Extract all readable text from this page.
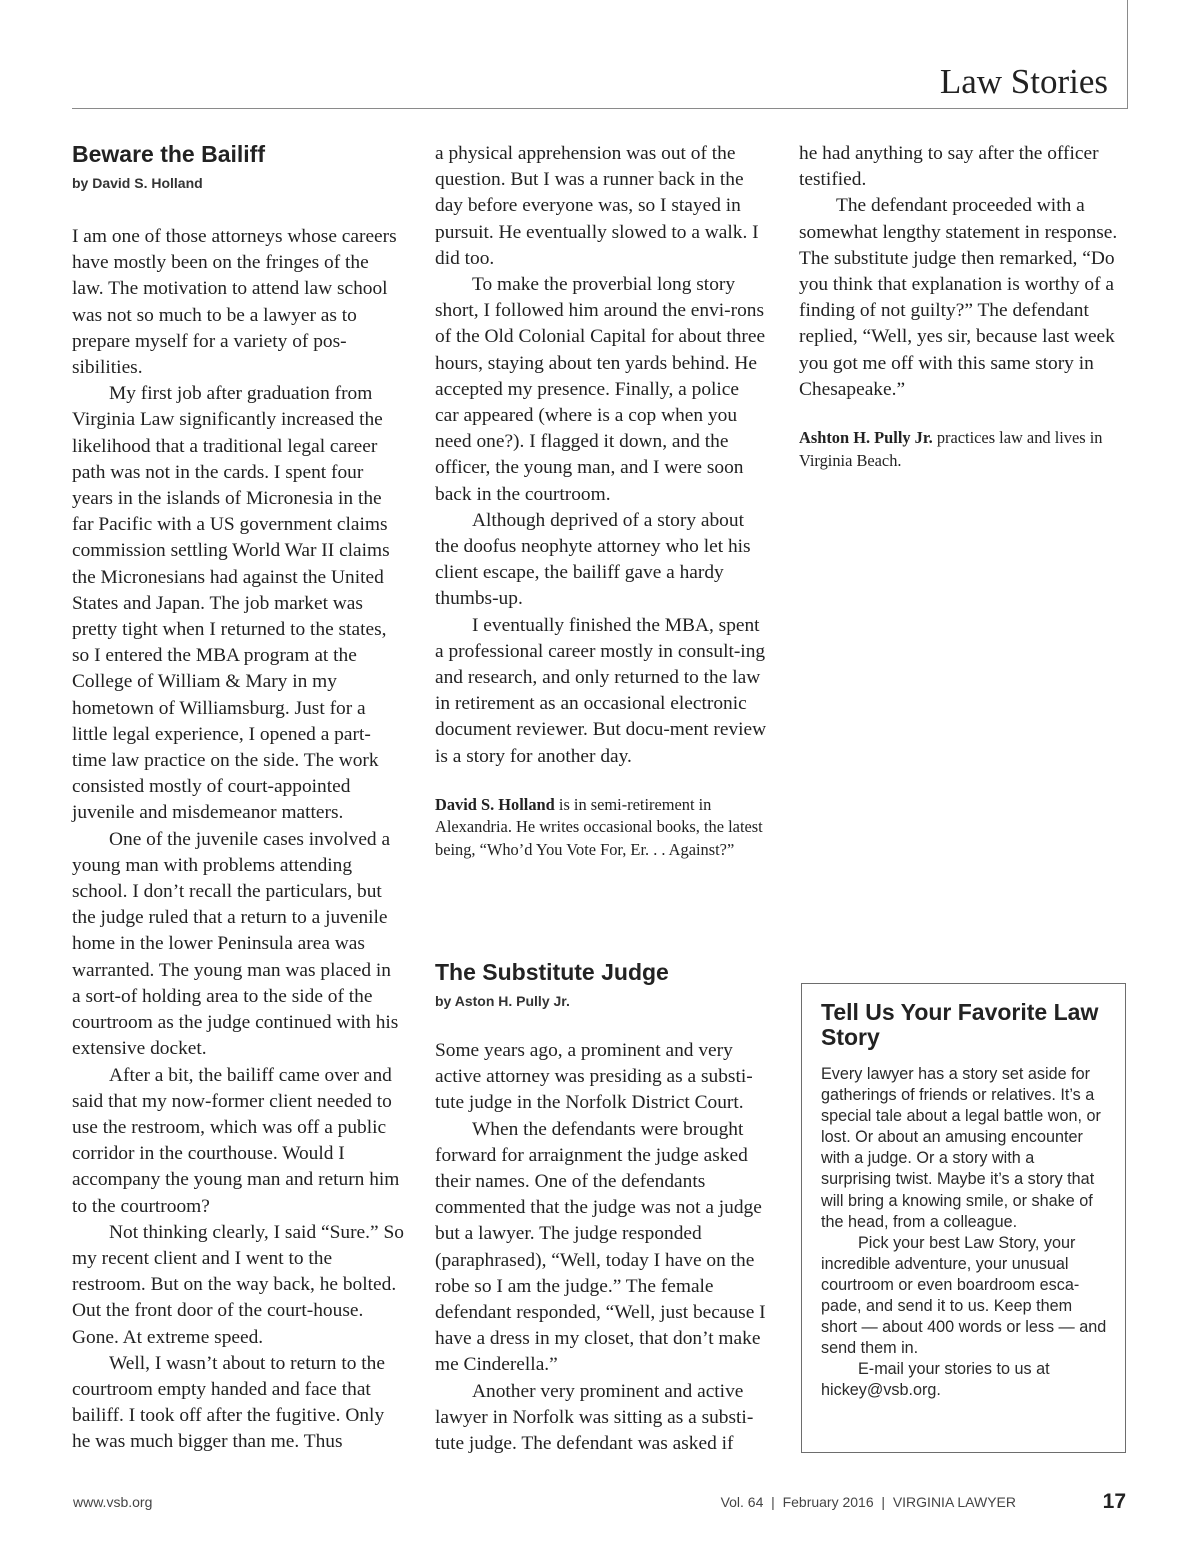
Law Stories
Beware the Bailiff
by David S. Holland

I am one of those attorneys whose careers have mostly been on the fringes of the law. The motivation to attend law school was not so much to be a lawyer as to prepare myself for a variety of pos-sibilities.

My first job after graduation from Virginia Law significantly increased the likelihood that a traditional legal career path was not in the cards. I spent four years in the islands of Micronesia in the far Pacific with a US government claims commission settling World War II claims the Micronesians had against the United States and Japan. The job market was pretty tight when I returned to the states, so I entered the MBA program at the College of William & Mary in my hometown of Williamsburg. Just for a little legal experience, I opened a part-time law practice on the side. The work consisted mostly of court-appointed juvenile and misdemeanor matters.

One of the juvenile cases involved a young man with problems attending school. I don’t recall the particulars, but the judge ruled that a return to a juvenile home in the lower Peninsula area was warranted. The young man was placed in a sort-of holding area to the side of the courtroom as the judge continued with his extensive docket.

After a bit, the bailiff came over and said that my now-former client needed to use the restroom, which was off a public corridor in the courthouse. Would I accompany the young man and return him to the courtroom?

Not thinking clearly, I said “Sure.” So my recent client and I went to the restroom. But on the way back, he bolted. Out the front door of the court-house. Gone. At extreme speed.

Well, I wasn’t about to return to the courtroom empty handed and face that bailiff. I took off after the fugitive. Only he was much bigger than me. Thus

a physical apprehension was out of the question. But I was a runner back in the day before everyone was, so I stayed in pursuit. He eventually slowed to a walk. I did too.

To make the proverbial long story short, I followed him around the envi-rons of the Old Colonial Capital for about three hours, staying about ten yards behind. He accepted my presence. Finally, a police car appeared (where is a cop when you need one?). I flagged it down, and the officer, the young man, and I were soon back in the courtroom.

Although deprived of a story about the doofus neophyte attorney who let his client escape, the bailiff gave a hardy thumbs-up.

I eventually finished the MBA, spent a professional career mostly in consult-ing and research, and only returned to the law in retirement as an occasional electronic document reviewer. But docu-ment review is a story for another day.

David S. Holland is in semi-retirement in Alexandria. He writes occasional books, the latest being, “Who’d You Vote For, Er. . . Against?”

The Substitute Judge
by Aston H. Pully Jr.

Some years ago, a prominent and very active attorney was presiding as a substi-tute judge in the Norfolk District Court.

When the defendants were brought forward for arraignment the judge asked their names. One of the defendants commented that the judge was not a judge but a lawyer. The judge responded (paraphrased), “Well, today I have on the robe so I am the judge.” The female defendant responded, “Well, just because I have a dress in my closet, that don’t make me Cinderella.”

Another very prominent and active lawyer in Norfolk was sitting as a substi-tute judge. The defendant was asked if

he had anything to say after the officer testified.

The defendant proceeded with a somewhat lengthy statement in response. The substitute judge then remarked, “Do you think that explanation is worthy of a finding of not guilty?” The defendant replied, “Well, yes sir, because last week you got me off with this same story in Chesapeake.”

Ashton H. Pully Jr. practices law and lives in Virginia Beach.

Tell Us Your Favorite Law Story

Every lawyer has a story set aside for gatherings of friends or relatives. It’s a special tale about a legal battle won, or lost. Or about an amusing encounter with a judge. Or a story with a surprising twist. Maybe it’s a story that will bring a knowing smile, or shake of the head, from a colleague.

Pick your best Law Story, your incredible adventure, your unusual courtroom or even boardroom esca-pade, and send it to us. Keep them short — about 400 words or less — and send them in.

E-mail your stories to us at hickey@vsb.org.

www.vsb.org	Vol. 64  |  February 2016  |  VIRGINIA LAWYER	17
